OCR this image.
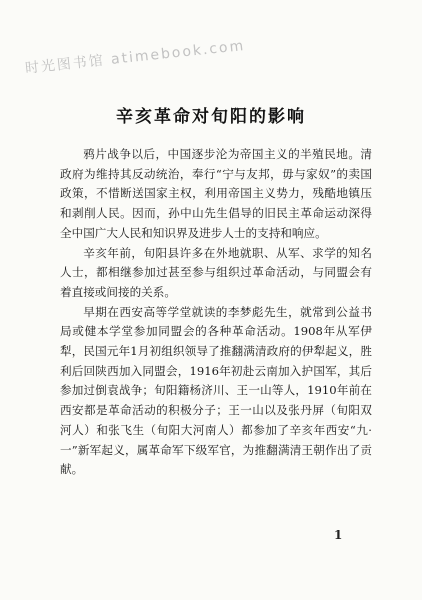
时光图书馆 atimebook.com
辛亥革命对旬阳的影响

鸦片战争以后，中国逐步沦为帝国主义的半殖民地。清政府为维持其反动统治，奉行“宁与友邦，毋与家奴”的卖国政策，不惜断送国家主权，利用帝国主义势力，残酷地镇压和剥削人民。因而，孙中山先生倡导的旧民主革命运动深得全中国广大人民和知识界及进步人士的支持和响应。

辛亥年前，旬阳县许多在外地就职、从军、求学的知名人士，都相继参加过甚至参与组织过革命活动，与同盟会有着直接或间接的关系。

早期在西安高等学堂就读的李梦彪先生，就常到公益书局或健本学堂参加同盟会的各种革命活动。1908年从军伊犁，民国元年1月初组织领导了推翻满清政府的伊犁起义，胜利后回陕西加入同盟会，1916年初赴云南加入护国军，其后参加过倒袁战争；旬阳籍杨济川、王一山等人，1910年前在西安都是革命活动的积极分子；王一山以及张丹屏（旬阳双河人）和张飞生（旬阳大河南人）都参加了辛亥年西安“九·一”新军起义，属革命军下级军官，为推翻满清王朝作出了贡献。

1
